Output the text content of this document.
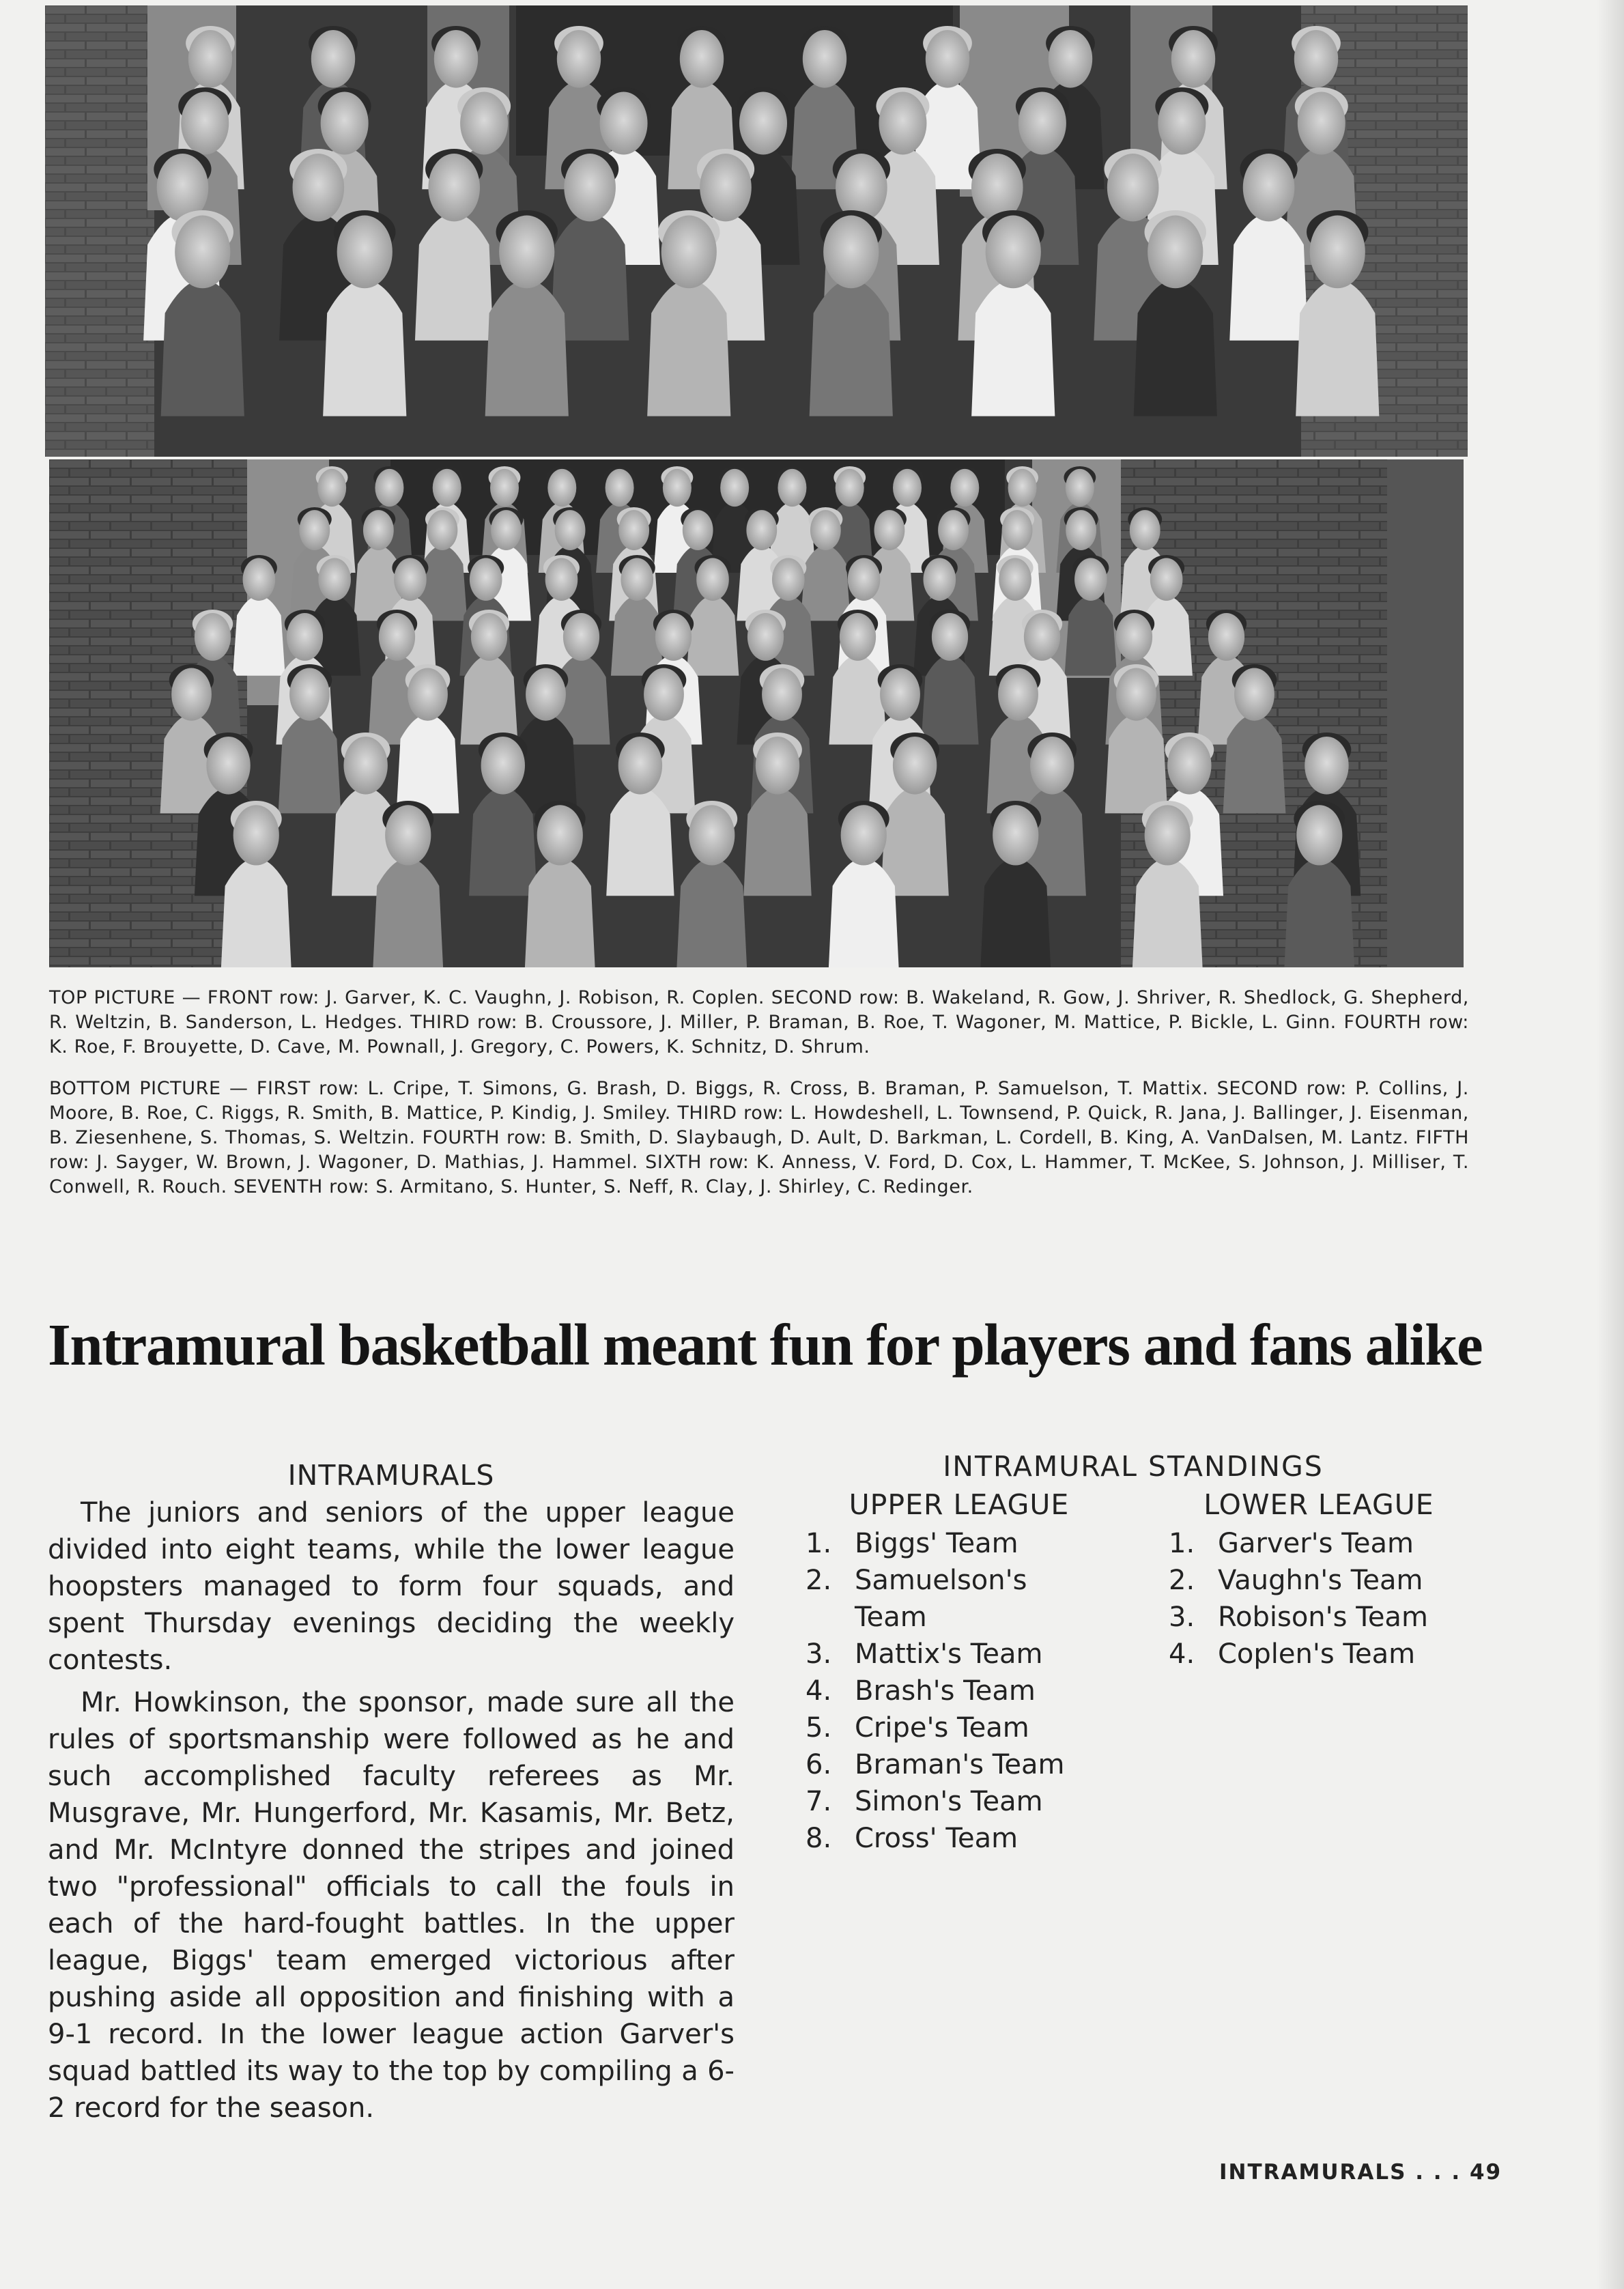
TOP PICTURE — FRONT row: J. Garver, K. C. Vaughn, J. Robison, R. Coplen. SECOND row: B. Wakeland, R. Gow, J. Shriver, R. Shedlock, G. Shepherd, R. Weltzin, B. Sanderson, L. Hedges. THIRD row: B. Croussore, J. Miller, P. Braman, B. Roe, T. Wagoner, M. Mattice, P. Bickle, L. Ginn. FOURTH row: K. Roe, F. Brouyette, D. Cave, M. Pownall, J. Gregory, C. Powers, K. Schnitz, D. Shrum.

BOTTOM PICTURE — FIRST row: L. Cripe, T. Simons, G. Brash, D. Biggs, R. Cross, B. Braman, P. Samuelson, T. Mattix. SECOND row: P. Collins, J. Moore, B. Roe, C. Riggs, R. Smith, B. Mattice, P. Kindig, J. Smiley. THIRD row: L. Howdeshell, L. Townsend, P. Quick, R. Jana, J. Ballinger, J. Eisenman, B. Ziesenhene, S. Thomas, S. Weltzin. FOURTH row: B. Smith, D. Slaybaugh, D. Ault, D. Barkman, L. Cordell, B. King, A. VanDalsen, M. Lantz. FIFTH row: J. Sayger, W. Brown, J. Wagoner, D. Mathias, J. Hammel. SIXTH row: K. Anness, V. Ford, D. Cox, L. Hammer, T. McKee, S. Johnson, J. Milliser, T. Conwell, R. Rouch. SEVENTH row: S. Armitano, S. Hunter, S. Neff, R. Clay, J. Shirley, C. Redinger.

Intramural basketball meant fun for players and fans alike
INTRAMURALS

The juniors and seniors of the upper league divided into eight teams, while the lower league hoopsters managed to form four squads, and spent Thursday evenings deciding the weekly contests.

Mr. Howkinson, the sponsor, made sure all the rules of sportsmanship were followed as he and such accomplished faculty referees as Mr. Musgrave, Mr. Hungerford, Mr. Kasamis, Mr. Betz, and Mr. McIntyre donned the stripes and joined two "professional" officials to call the fouls in each of the hard-fought battles. In the upper league, Biggs' team emerged victorious after pushing aside all opposition and finishing with a 9-1 record. In the lower league action Garver's squad battled its way to the top by compiling a 6-2 record for the season.

INTRAMURAL STANDINGS
UPPER LEAGUE
1. Biggs' Team
2. Samuelson's Team
3. Mattix's Team
4. Brash's Team
5. Cripe's Team
6. Braman's Team
7. Simon's Team
8. Cross' Team
LOWER LEAGUE
1. Garver's Team
2. Vaughn's Team
3. Robison's Team
4. Coplen's Team

INTRAMURALS . . . 49
